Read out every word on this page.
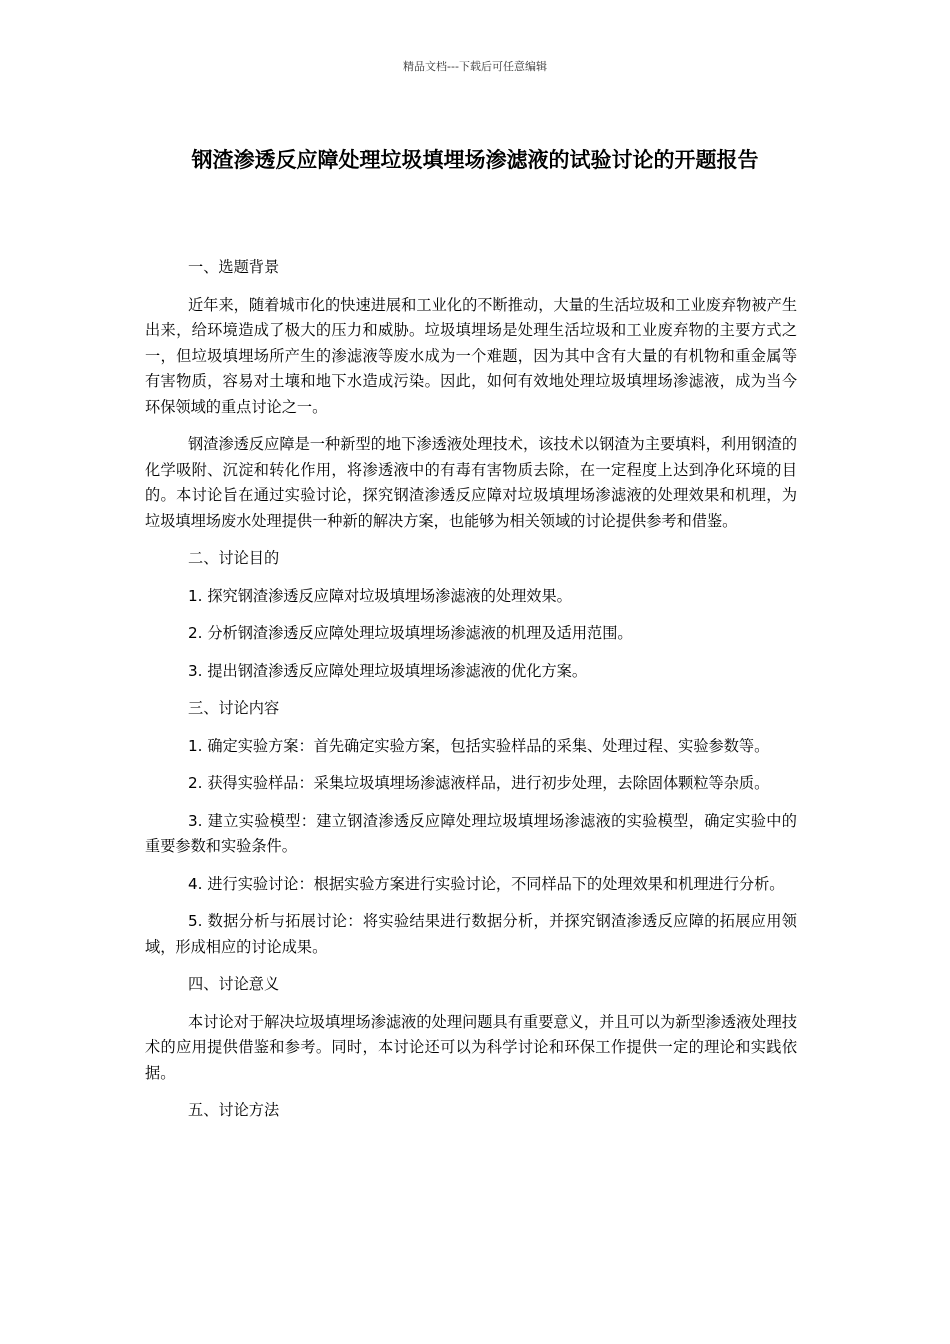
精品文档---下载后可任意编辑
钢渣渗透反应障处理垃圾填埋场渗滤液的试验讨论的开题报告

一、选题背景

近年来，随着城市化的快速进展和工业化的不断推动，大量的生活垃圾和工业废弃物被产生出来，给环境造成了极大的压力和威胁。垃圾填埋场是处理生活垃圾和工业废弃物的主要方式之一，但垃圾填埋场所产生的渗滤液等废水成为一个难题，因为其中含有大量的有机物和重金属等有害物质，容易对土壤和地下水造成污染。因此，如何有效地处理垃圾填埋场渗滤液，成为当今环保领域的重点讨论之一。

钢渣渗透反应障是一种新型的地下渗透液处理技术，该技术以钢渣为主要填料，利用钢渣的化学吸附、沉淀和转化作用，将渗透液中的有毒有害物质去除，在一定程度上达到净化环境的目的。本讨论旨在通过实验讨论，探究钢渣渗透反应障对垃圾填埋场渗滤液的处理效果和机理，为垃圾填埋场废水处理提供一种新的解决方案，也能够为相关领域的讨论提供参考和借鉴。

二、讨论目的

1. 探究钢渣渗透反应障对垃圾填埋场渗滤液的处理效果。

2. 分析钢渣渗透反应障处理垃圾填埋场渗滤液的机理及适用范围。

3. 提出钢渣渗透反应障处理垃圾填埋场渗滤液的优化方案。

三、讨论内容

1. 确定实验方案：首先确定实验方案，包括实验样品的采集、处理过程、实验参数等。

2. 获得实验样品：采集垃圾填埋场渗滤液样品，进行初步处理，去除固体颗粒等杂质。

3. 建立实验模型：建立钢渣渗透反应障处理垃圾填埋场渗滤液的实验模型，确定实验中的重要参数和实验条件。

4. 进行实验讨论：根据实验方案进行实验讨论，不同样品下的处理效果和机理进行分析。

5. 数据分析与拓展讨论：将实验结果进行数据分析，并探究钢渣渗透反应障的拓展应用领域，形成相应的讨论成果。

四、讨论意义

本讨论对于解决垃圾填埋场渗滤液的处理问题具有重要意义，并且可以为新型渗透液处理技术的应用提供借鉴和参考。同时，本讨论还可以为科学讨论和环保工作提供一定的理论和实践依据。

五、讨论方法
